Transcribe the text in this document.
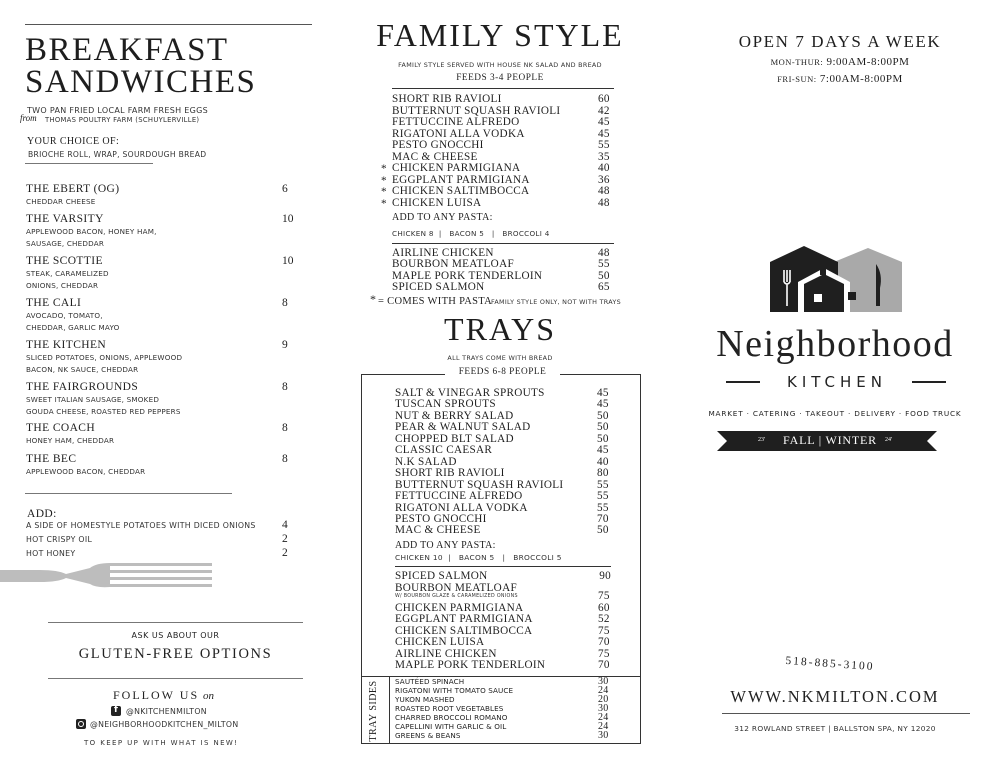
BREAKFAST
SANDWICHES
TWO PAN FRIED LOCAL FARM FRESH EGGS
from THOMAS POULTRY FARM (SCHUYLERVILLE)
YOUR CHOICE OF:
BRIOCHE ROLL, WRAP, SOURDOUGH BREAD
THE EBERT (OG)	6
CHEDDAR CHEESE
THE VARSITY	10
APPLEWOOD BACON, HONEY HAM,
SAUSAGE, CHEDDAR
THE SCOTTIE	10
STEAK, CARAMELIZED
ONIONS, CHEDDAR
THE CALI	8
AVOCADO, TOMATO,
CHEDDAR, GARLIC MAYO
THE KITCHEN	9
SLICED POTATOES, ONIONS, APPLEWOOD
BACON, NK SAUCE, CHEDDAR
THE FAIRGROUNDS	8
SWEET ITALIAN SAUSAGE, SMOKED
GOUDA CHEESE, ROASTED RED PEPPERS
THE COACH	8
HONEY HAM, CHEDDAR
THE BEC	8
APPLEWOOD BACON, CHEDDAR
ADD:
A SIDE OF HOMESTYLE POTATOES WITH DICED ONIONS 4
HOT CRISPY OIL	2
HOT HONEY	2
ASK US ABOUT OUR
GLUTEN-FREE OPTIONS
FOLLOW US on
f @NKITCHENMILTON
@NEIGHBORHOODKITCHEN_MILTON
TO KEEP UP WITH WHAT IS NEW!
FAMILY STYLE
FAMILY STYLE SERVED WITH HOUSE NK SALAD AND BREAD
FEEDS 3-4 PEOPLE
SHORT RIB RAVIOLI	60
BUTTERNUT SQUASH RAVIOLI	42
FETTUCCINE ALFREDO	45
RIGATONI ALLA VODKA	45
PESTO GNOCCHI	55
MAC & CHEESE	35
* CHICKEN PARMIGIANA	40
* EGGPLANT PARMIGIANA	36
* CHICKEN SALTIMBOCCA	48
* CHICKEN LUISA	48
ADD TO ANY PASTA:
CHICKEN 8  |   BACON 5   |   BROCCOLI 4
AIRLINE CHICKEN	48
BOURBON MEATLOAF	55
MAPLE PORK TENDERLOIN	50
SPICED SALMON	65
* = COMES WITH PASTA
FAMILY STYLE ONLY, NOT WITH TRAYS
TRAYS
ALL TRAYS COME WITH BREAD
FEEDS 6-8 PEOPLE
SALT & VINEGAR SPROUTS	45
TUSCAN SPROUTS	45
NUT & BERRY SALAD	50
PEAR & WALNUT SALAD	50
CHOPPED BLT SALAD	50
CLASSIC CAESAR	45
N.K SALAD	40
SHORT RIB RAVIOLI	80
BUTTERNUT SQUASH RAVIOLI	55
FETTUCCINE ALFREDO	55
RIGATONI ALLA VODKA	55
PESTO GNOCCHI	70
MAC & CHEESE	50
ADD TO ANY PASTA:
CHICKEN 10  |   BACON 5   |   BROCCOLI 5
SPICED SALMON	90
BOURBON MEATLOAF
W/ BOURBON GLAZE & CARAMELIZED ONIONS	75
CHICKEN PARMIGIANA	60
EGGPLANT PARMIGIANA	52
CHICKEN SALTIMBOCCA	75
CHICKEN LUISA	70
AIRLINE CHICKEN	75
MAPLE PORK TENDERLOIN	70
TRAY SIDES SAUTÉED SPINACH	30
RIGATONI WITH TOMATO SAUCE	24
YUKON MASHED	20
ROASTED ROOT VEGETABLES	30
CHARRED BROCCOLI ROMANO	24
CAPELLINI WITH GARLIC & OIL	24
GREENS & BEANS	30
OPEN 7 DAYS A WEEK
MON-THUR: 9:00AM-8:00PM
FRI-SUN: 7:00AM-8:00PM
Neighborhood
KITCHEN
MARKET · CATERING · TAKEOUT · DELIVERY · FOOD TRUCK
23'	FALL | WINTER	24'
518-885-3100
WWW.NKMILTON.COM
312 ROWLAND STREET | BALLSTON SPA, NY 12020
